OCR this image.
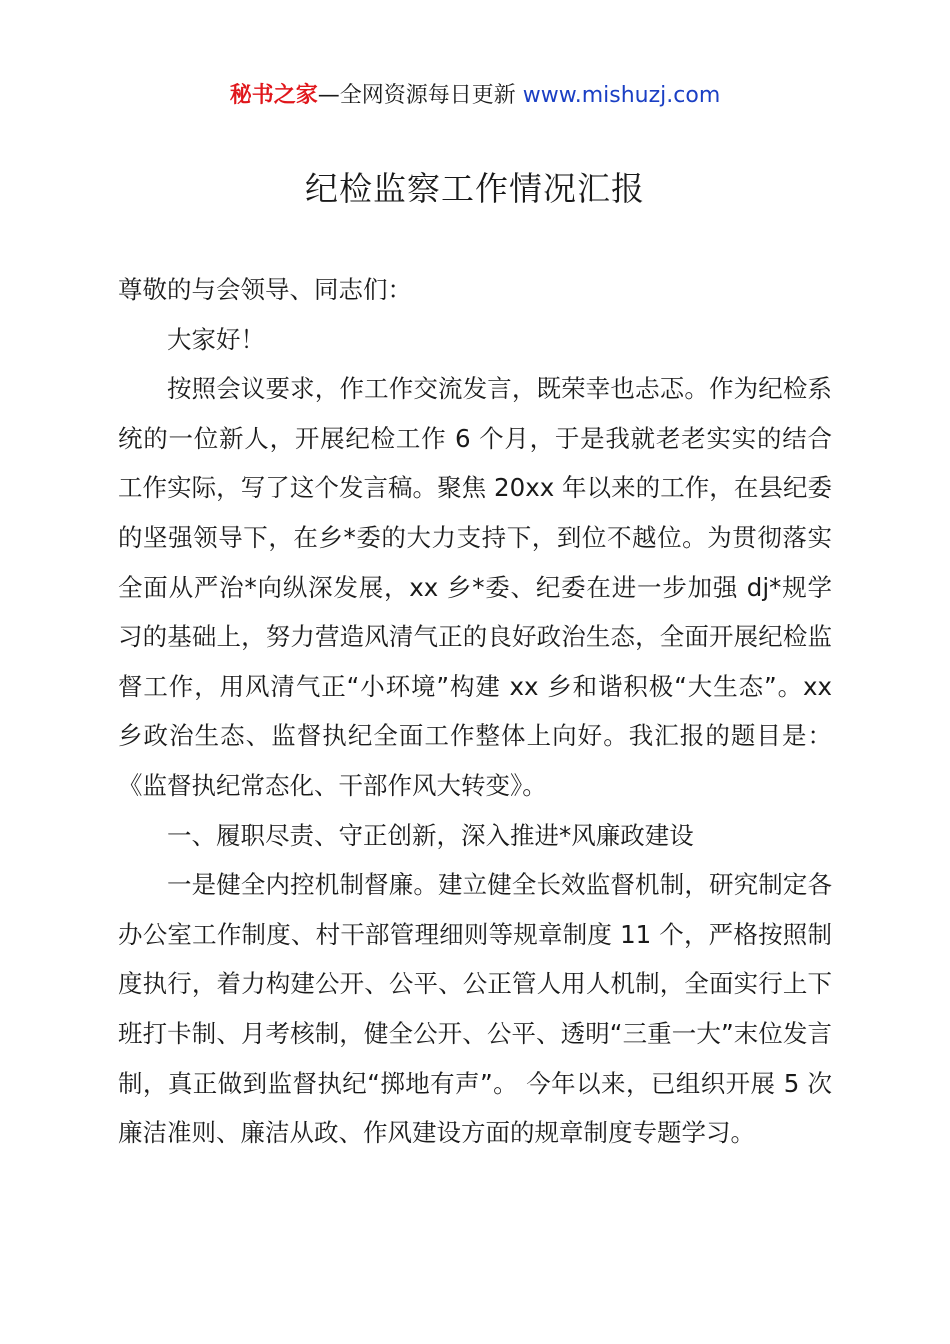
秘书之家—全网资源每日更新 www.mishuzj.com
纪检监察工作情况汇报

尊敬的与会领导、同志们：

大家好！

按照会议要求，作工作交流发言，既荣幸也忐忑。作为纪检系统的一位新人，开展纪检工作 6 个月，于是我就老老实实的结合工作实际，写了这个发言稿。聚焦 20xx 年以来的工作，在县纪委的坚强领导下，在乡*委的大力支持下，到位不越位。为贯彻落实全面从严治*向纵深发展，xx 乡*委、纪委在进一步加强 dj*规学习的基础上，努力营造风清气正的良好政治生态，全面开展纪检监督工作，用风清气正“小环境”构建 xx 乡和谐积极“大生态”。xx 乡政治生态、监督执纪全面工作整体上向好。我汇报的题目是：《监督执纪常态化、干部作风大转变》。

一、履职尽责、守正创新，深入推进*风廉政建设

一是健全内控机制督廉。建立健全长效监督机制，研究制定各办公室工作制度、村干部管理细则等规章制度 11 个，严格按照制度执行，着力构建公开、公平、公正管人用人机制，全面实行上下班打卡制、月考核制，健全公开、公平、透明“三重一大”末位发言制，真正做到监督执纪“掷地有声”。 今年以来，已组织开展 5 次廉洁准则、廉洁从政、作风建设方面的规章制度专题学习。
